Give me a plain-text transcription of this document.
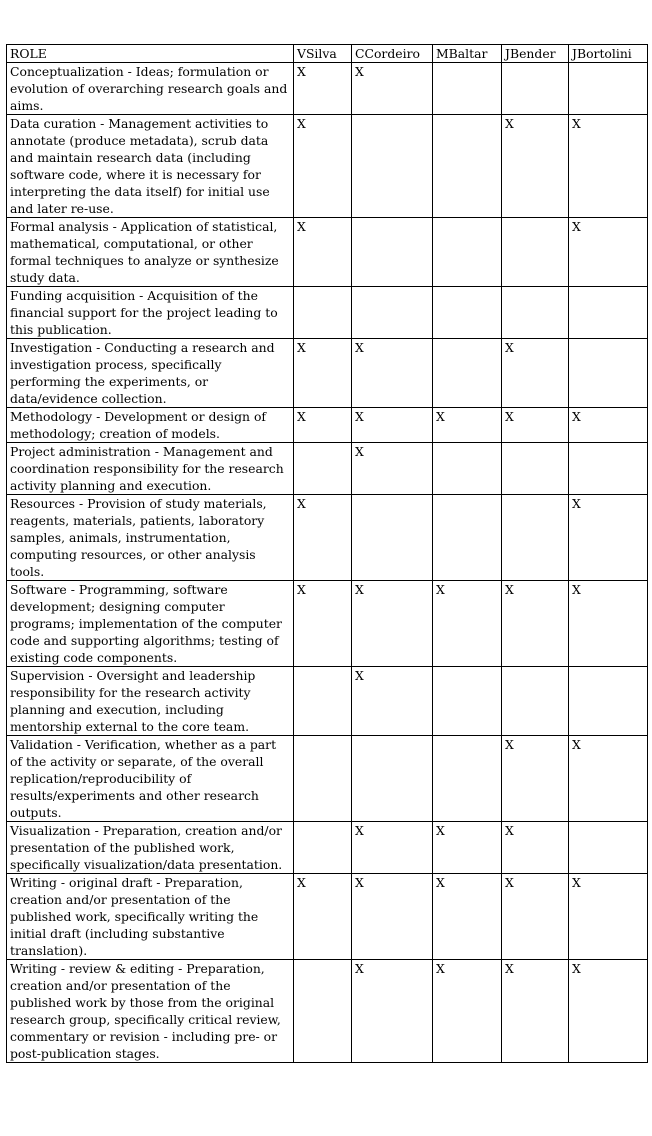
ROLE	VSilva	CCordeiro	MBaltar	JBender	JBortolini
Conceptualization - Ideas; formulation or evolution of overarching research goals and aims.	X	X			
Data curation - Management activities to annotate (produce metadata), scrub data and maintain research data (including software code, where it is necessary for interpreting the data itself) for initial use and later re-use.	X			X	X
Formal analysis - Application of statistical, mathematical, computational, or other formal techniques to analyze or synthesize study data.	X				X
Funding acquisition - Acquisition of the financial support for the project leading to this publication.					
Investigation - Conducting a research and investigation process, specifically performing the experiments, or data/evidence collection.	X	X		X	
Methodology - Development or design of methodology; creation of models.	X	X	X	X	X
Project administration - Management and coordination responsibility for the research activity planning and execution.		X			
Resources - Provision of study materials, reagents, materials, patients, laboratory samples, animals, instrumentation, computing resources, or other analysis tools.	X				X
Software - Programming, software development; designing computer programs; implementation of the computer code and supporting algorithms; testing of existing code components.	X	X	X	X	X
Supervision - Oversight and leadership responsibility for the research activity planning and execution, including mentorship external to the core team.		X			
Validation - Verification, whether as a part of the activity or separate, of the overall replication/reproducibility of results/experiments and other research outputs.				X	X
Visualization - Preparation, creation and/or presentation of the published work, specifically visualization/data presentation.		X	X	X	
Writing - original draft - Preparation, creation and/or presentation of the published work, specifically writing the initial draft (including substantive translation).	X	X	X	X	X
Writing - review & editing - Preparation, creation and/or presentation of the published work by those from the original research group, specifically critical review, commentary or revision - including pre- or post-publication stages.		X	X	X	X
